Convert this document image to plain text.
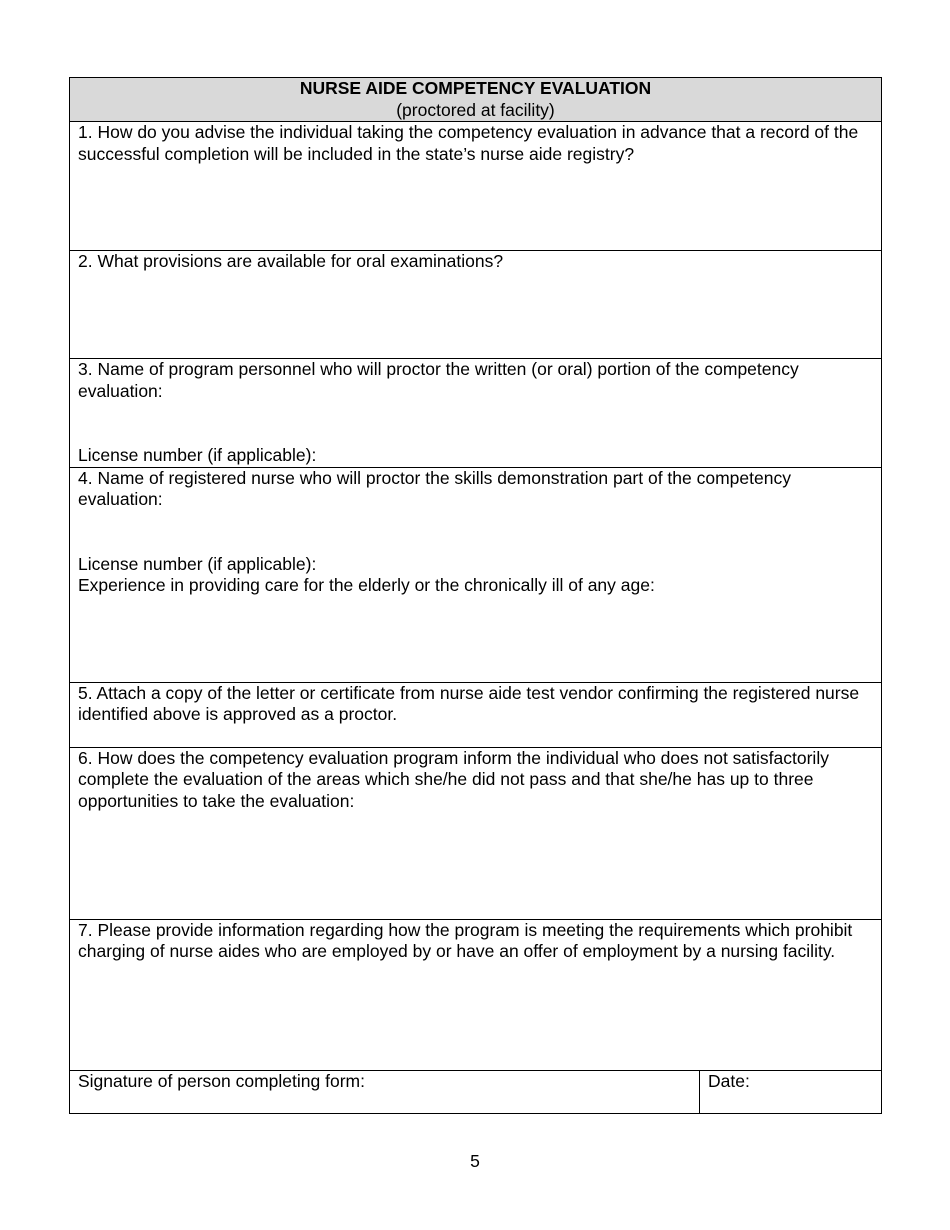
NURSE AIDE COMPETENCY EVALUATION
(proctored at facility)

1. How do you advise the individual taking the competency evaluation in advance that a record of the successful completion will be included in the state’s nurse aide registry?

2. What provisions are available for oral examinations?

3. Name of program personnel who will proctor the written (or oral) portion of the competency evaluation:
License number (if applicable):

4. Name of registered nurse who will proctor the skills demonstration part of the competency evaluation:
License number (if applicable):
Experience in providing care for the elderly or the chronically ill of any age:

5. Attach a copy of the letter or certificate from nurse aide test vendor confirming the registered nurse identified above is approved as a proctor.

6. How does the competency evaluation program inform the individual who does not satisfactorily complete the evaluation of the areas which she/he did not pass and that she/he has up to three opportunities to take the evaluation:

7. Please provide information regarding how the program is meeting the requirements which prohibit charging of nurse aides who are employed by or have an offer of employment by a nursing facility.

Signature of person completing form:	Date:
5
